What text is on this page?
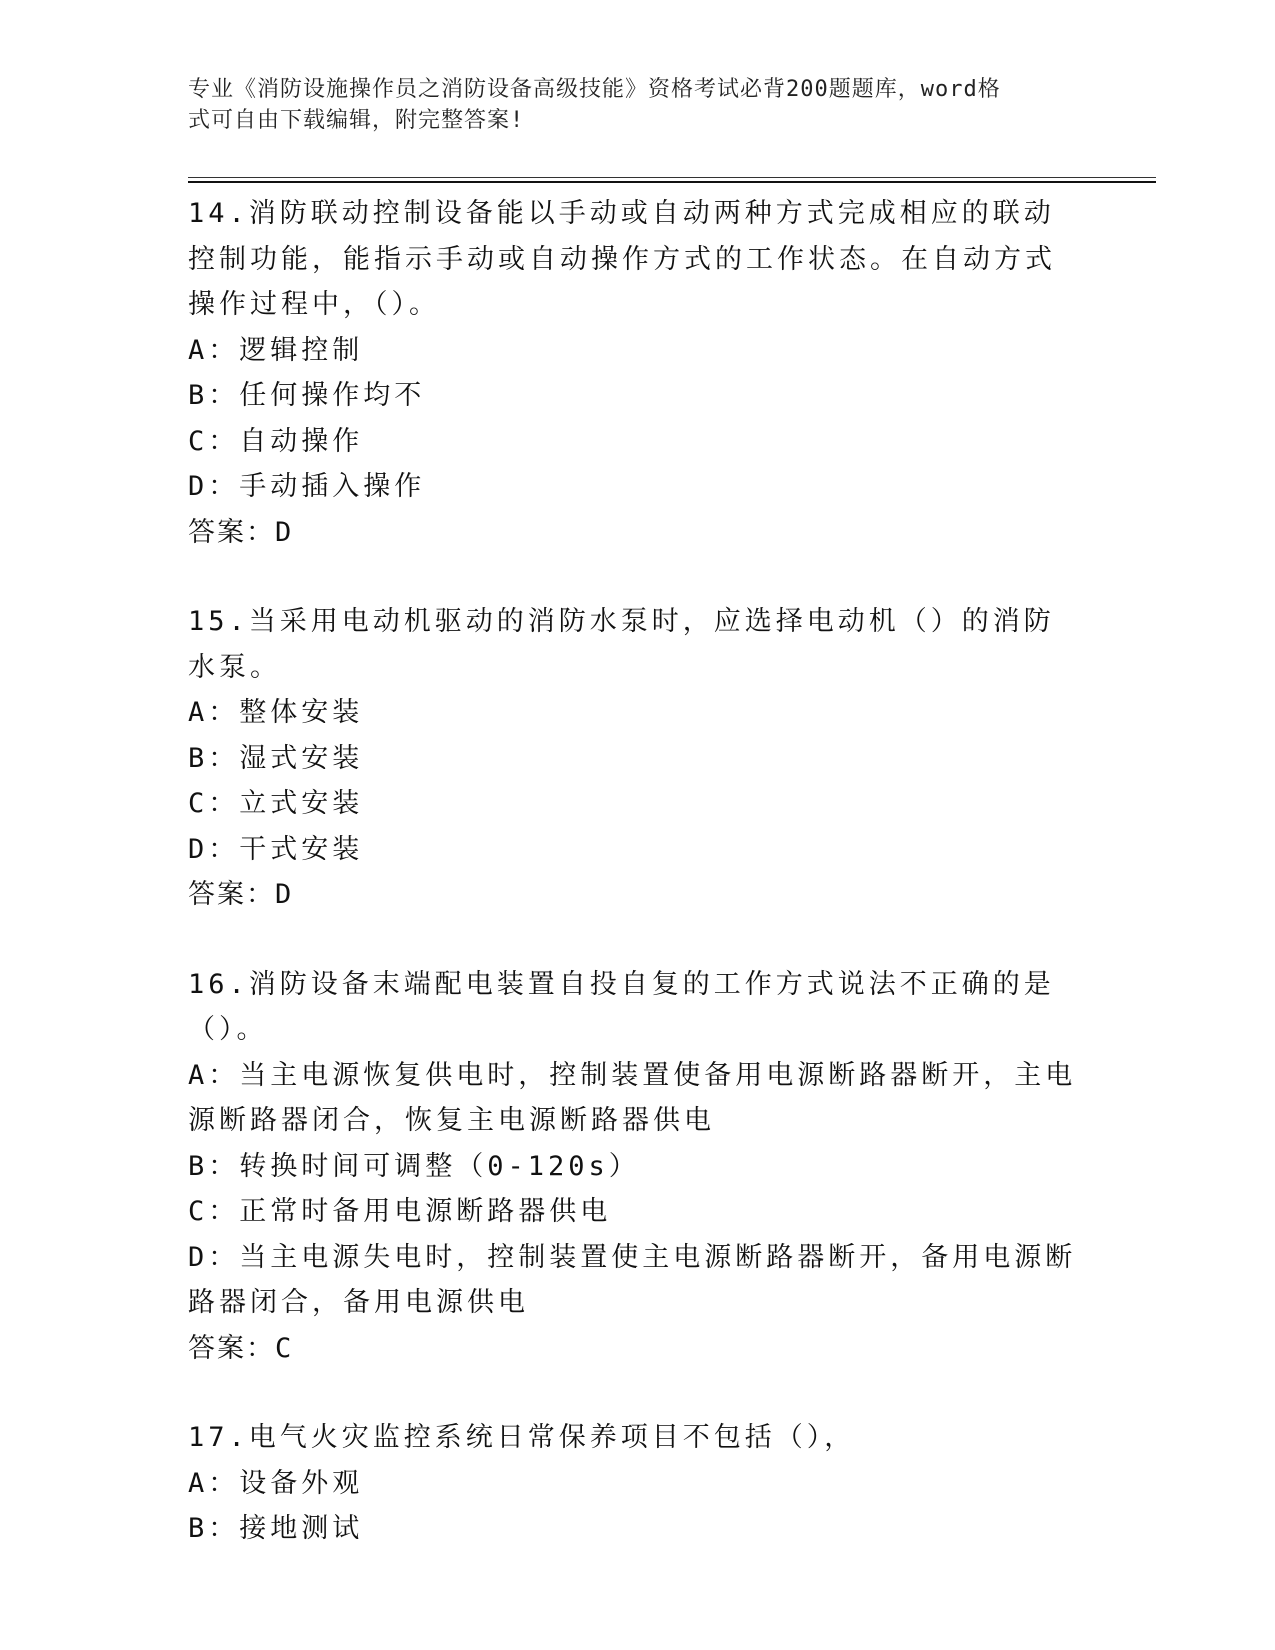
专业《消防设施操作员之消防设备高级技能》资格考试必背200题题库，word格
式可自由下载编辑，附完整答案!

14.消防联动控制设备能以手动或自动两种方式完成相应的联动控制功能，能指示手动或自动操作方式的工作状态。在自动方式操作过程中，（）。

A：逻辑控制

B：任何操作均不

C：自动操作

D：手动插入操作

答案：D

15.当采用电动机驱动的消防水泵时，应选择电动机（）的消防水泵。

A：整体安装

B：湿式安装

C：立式安装

D：干式安装

答案：D

16.消防设备末端配电装置自投自复的工作方式说法不正确的是（）。

A：当主电源恢复供电时，控制装置使备用电源断路器断开，主电源断路器闭合，恢复主电源断路器供电

B：转换时间可调整（0-120s）

C：正常时备用电源断路器供电

D：当主电源失电时，控制装置使主电源断路器断开，备用电源断路器闭合，备用电源供电

答案：C

17.电气火灾监控系统日常保养项目不包括（），

A：设备外观

B：接地测试
